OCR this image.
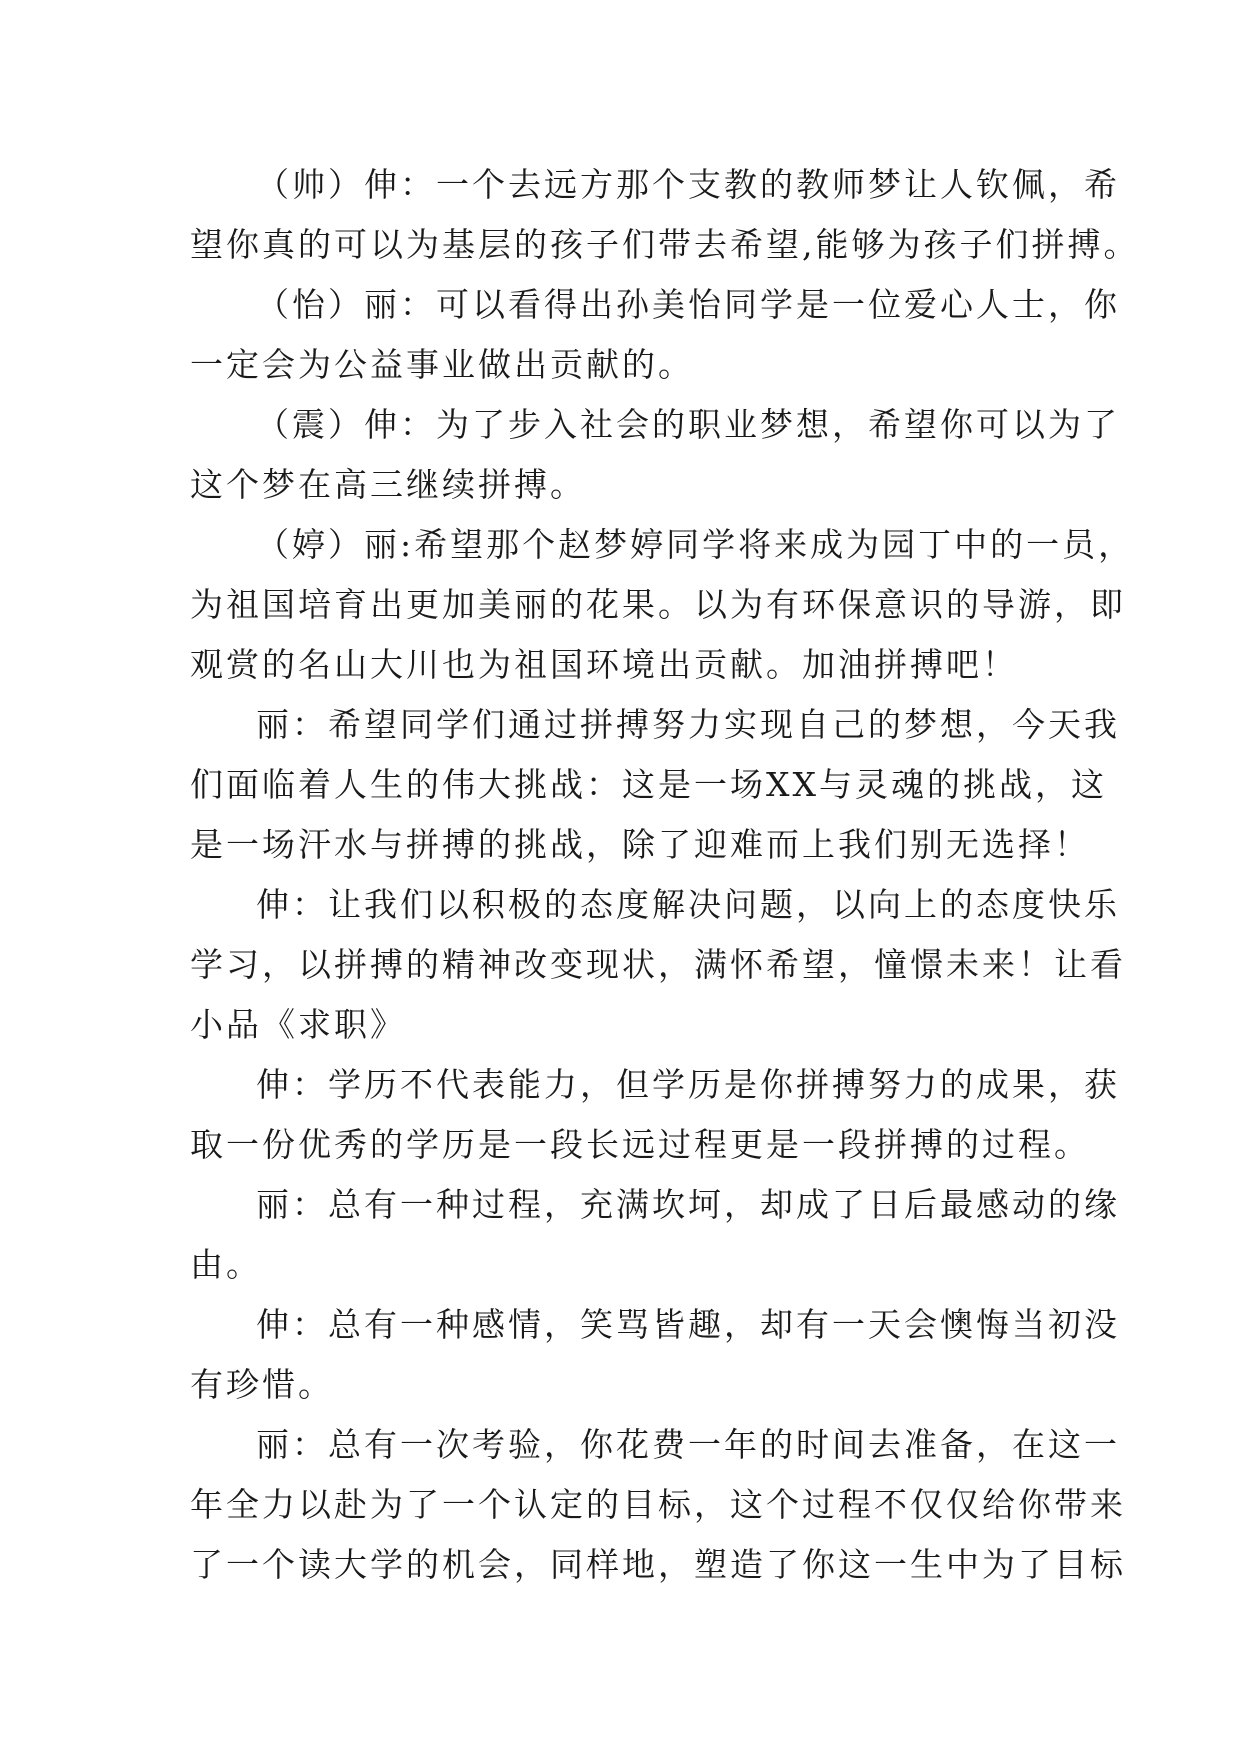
（帅）伸：一个去远方那个支教的教师梦让人钦佩，希
望你真的可以为基层的孩子们带去希望,能够为孩子们拼搏。
（怡）丽：可以看得出孙美怡同学是一位爱心人士，你
一定会为公益事业做出贡献的。
（震）伸：为了步入社会的职业梦想，希望你可以为了
这个梦在高三继续拼搏。
（婷）丽:希望那个赵梦婷同学将来成为园丁中的一员，
为祖国培育出更加美丽的花果。以为有环保意识的导游，即
观赏的名山大川也为祖国环境出贡献。加油拼搏吧！
丽：希望同学们通过拼搏努力实现自己的梦想，今天我
们面临着人生的伟大挑战：这是一场XX与灵魂的挑战，这
是一场汗水与拼搏的挑战，除了迎难而上我们别无选择！
伸：让我们以积极的态度解决问题，以向上的态度快乐
学习，以拼搏的精神改变现状，满怀希望，憧憬未来！让看
小品《求职》
伸：学历不代表能力，但学历是你拼搏努力的成果，获
取一份优秀的学历是一段长远过程更是一段拼搏的过程。
丽：总有一种过程，充满坎坷，却成了日后最感动的缘
由。
伸：总有一种感情，笑骂皆趣，却有一天会懊悔当初没
有珍惜。
丽：总有一次考验，你花费一年的时间去准备，在这一
年全力以赴为了一个认定的目标，这个过程不仅仅给你带来
了一个读大学的机会，同样地，塑造了你这一生中为了目标
